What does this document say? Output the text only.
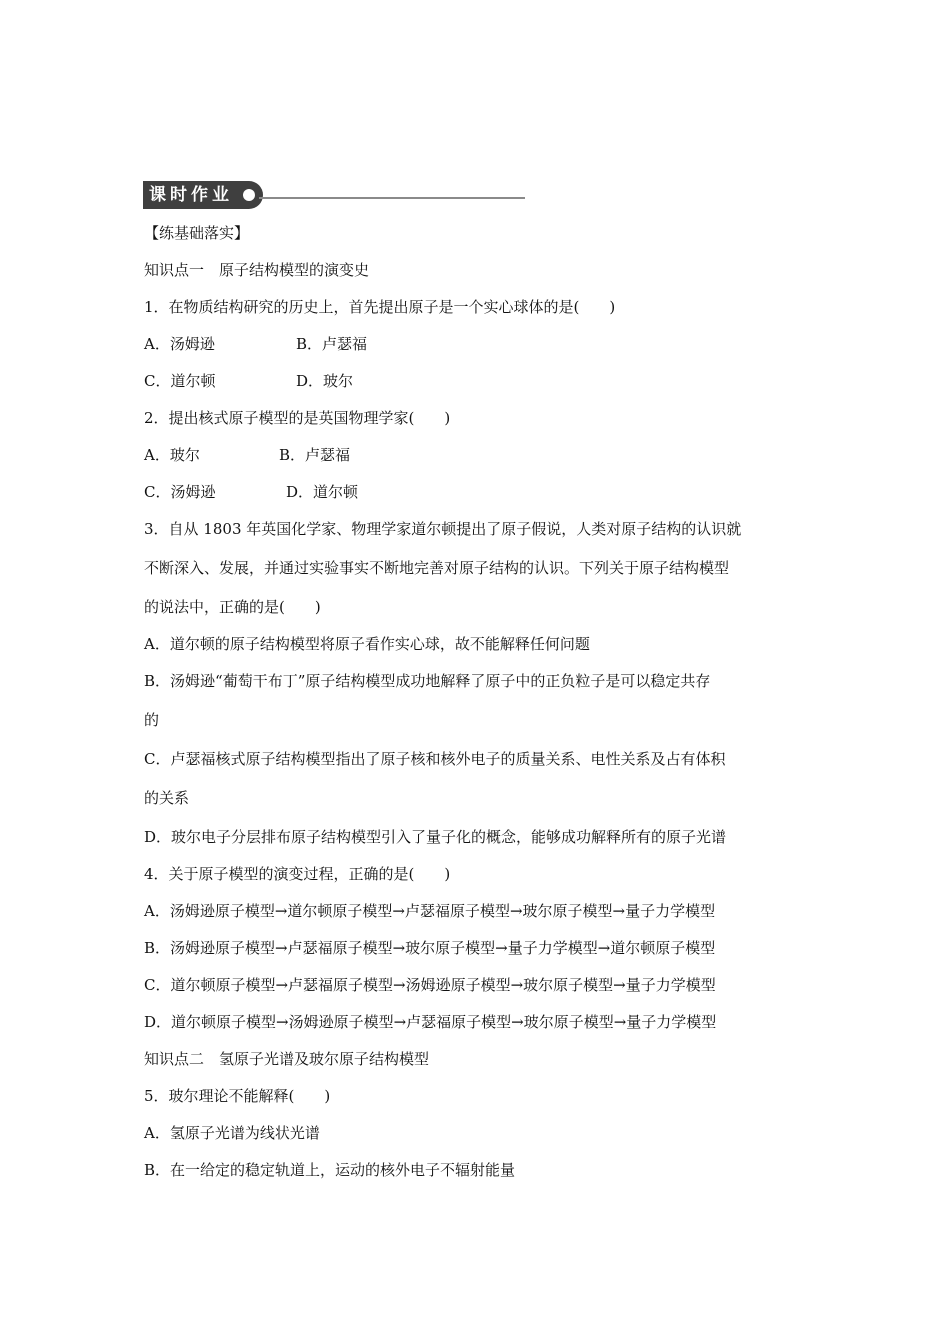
课时作业
【练基础落实】
知识点一　原子结构模型的演变史
1．在物质结构研究的历史上，首先提出原子是一个实心球体的是(　　)
A．汤姆逊	B．卢瑟福
C．道尔顿	D．玻尔
2．提出核式原子模型的是英国物理学家(　　)
A．玻尔	B．卢瑟福
C．汤姆逊	D．道尔顿
3．自从 1803 年英国化学家、物理学家道尔顿提出了原子假说，人类对原子结构的认识就
不断深入、发展，并通过实验事实不断地完善对原子结构的认识。下列关于原子结构模型
的说法中，正确的是(　　)
A．道尔顿的原子结构模型将原子看作实心球，故不能解释任何问题
B．汤姆逊“葡萄干布丁”原子结构模型成功地解释了原子中的正负粒子是可以稳定共存
的
C．卢瑟福核式原子结构模型指出了原子核和核外电子的质量关系、电性关系及占有体积
的关系
D．玻尔电子分层排布原子结构模型引入了量子化的概念，能够成功解释所有的原子光谱
4．关于原子模型的演变过程，正确的是(　　)
A．汤姆逊原子模型→道尔顿原子模型→卢瑟福原子模型→玻尔原子模型→量子力学模型
B．汤姆逊原子模型→卢瑟福原子模型→玻尔原子模型→量子力学模型→道尔顿原子模型
C．道尔顿原子模型→卢瑟福原子模型→汤姆逊原子模型→玻尔原子模型→量子力学模型
D．道尔顿原子模型→汤姆逊原子模型→卢瑟福原子模型→玻尔原子模型→量子力学模型
知识点二　氢原子光谱及玻尔原子结构模型
5．玻尔理论不能解释(　　)
A．氢原子光谱为线状光谱
B．在一给定的稳定轨道上，运动的核外电子不辐射能量
